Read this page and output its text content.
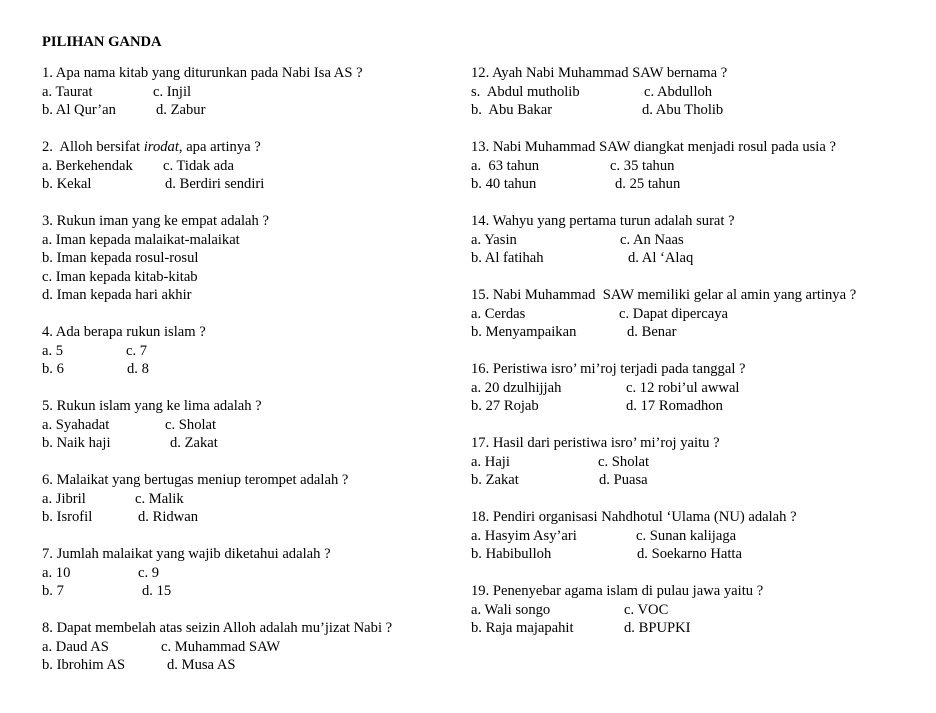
PILIHAN GANDA
1. Apa nama kitab yang diturunkan pada Nabi Isa AS ?
a. Taurat	c. Injil
b. Al Qur’an	d. Zabur
2.  Alloh bersifat irodat, apa artinya ?
a. Berkehendak c. Tidak ada
b. Kekal	d. Berdiri sendiri
3. Rukun iman yang ke empat adalah ?
a. Iman kepada malaikat-malaikat
b. Iman kepada rosul-rosul
c. Iman kepada kitab-kitab
d. Iman kepada hari akhir
4. Ada berapa rukun islam ?
a. 5	c. 7
b. 6	d. 8
5. Rukun islam yang ke lima adalah ?
a. Syahadat	c. Sholat
b. Naik haji	d. Zakat
6. Malaikat yang bertugas meniup terompet adalah ?
a. Jibril	c. Malik
b. Isrofil	d. Ridwan
7. Jumlah malaikat yang wajib diketahui adalah ?
a. 10	c. 9
b. 7	d. 15
8. Dapat membelah atas seizin Alloh adalah mu’jizat Nabi ?
a. Daud AS	c. Muhammad SAW
b. Ibrohim AS	d. Musa AS
12. Ayah Nabi Muhammad SAW bernama ?
s.  Abdul mutholib	c. Abdulloh
b.  Abu Bakar	d. Abu Tholib
13. Nabi Muhammad SAW diangkat menjadi rosul pada usia ?
a.  63 tahun	c. 35 tahun
b. 40 tahun	d. 25 tahun
14. Wahyu yang pertama turun adalah surat ?
a. Yasin	c. An Naas
b. Al fatihah	d. Al ‘Alaq
15. Nabi Muhammad  SAW memiliki gelar al amin yang artinya ?
a. Cerdas	c. Dapat dipercaya
b. Menyampaikan	d. Benar
16. Peristiwa isro’ mi’roj terjadi pada tanggal ?
a. 20 dzulhijjah	c. 12 robi’ul awwal
b. 27 Rojab	d. 17 Romadhon
17. Hasil dari peristiwa isro’ mi’roj yaitu ?
a. Haji	c. Sholat
b. Zakat	d. Puasa
18. Pendiri organisasi Nahdhotul ‘Ulama (NU) adalah ?
a. Hasyim Asy’ari	c. Sunan kalijaga
b. Habibulloh	d. Soekarno Hatta
19. Penenyebar agama islam di pulau jawa yaitu ?
a. Wali songo	c. VOC
b. Raja majapahit	d. BPUPKI
